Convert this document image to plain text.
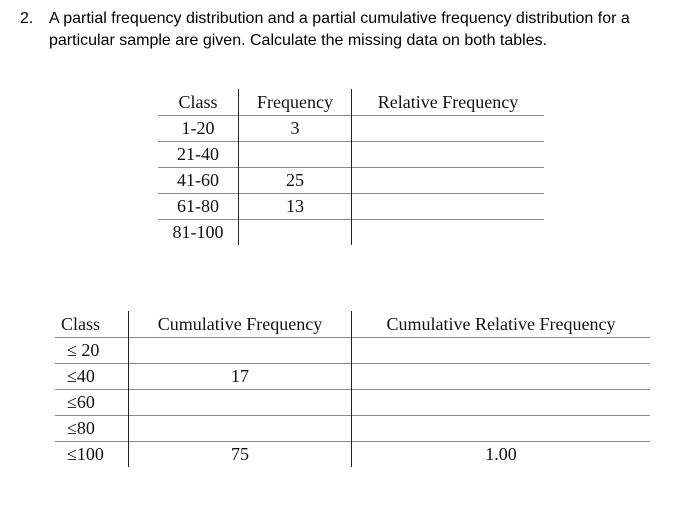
2. A partial frequency distribution and a partial cumulative frequency distribution for a particular sample are given. Calculate the missing data on both tables.
Class	Frequency	Relative Frequency
1-20	3	
21-40		
41-60	25	
61-80	13	
81-100		
Class	Cumulative Frequency	Cumulative Relative Frequency
≤ 20		
≤40	17	
≤60		
≤80		
≤100	75	1.00
